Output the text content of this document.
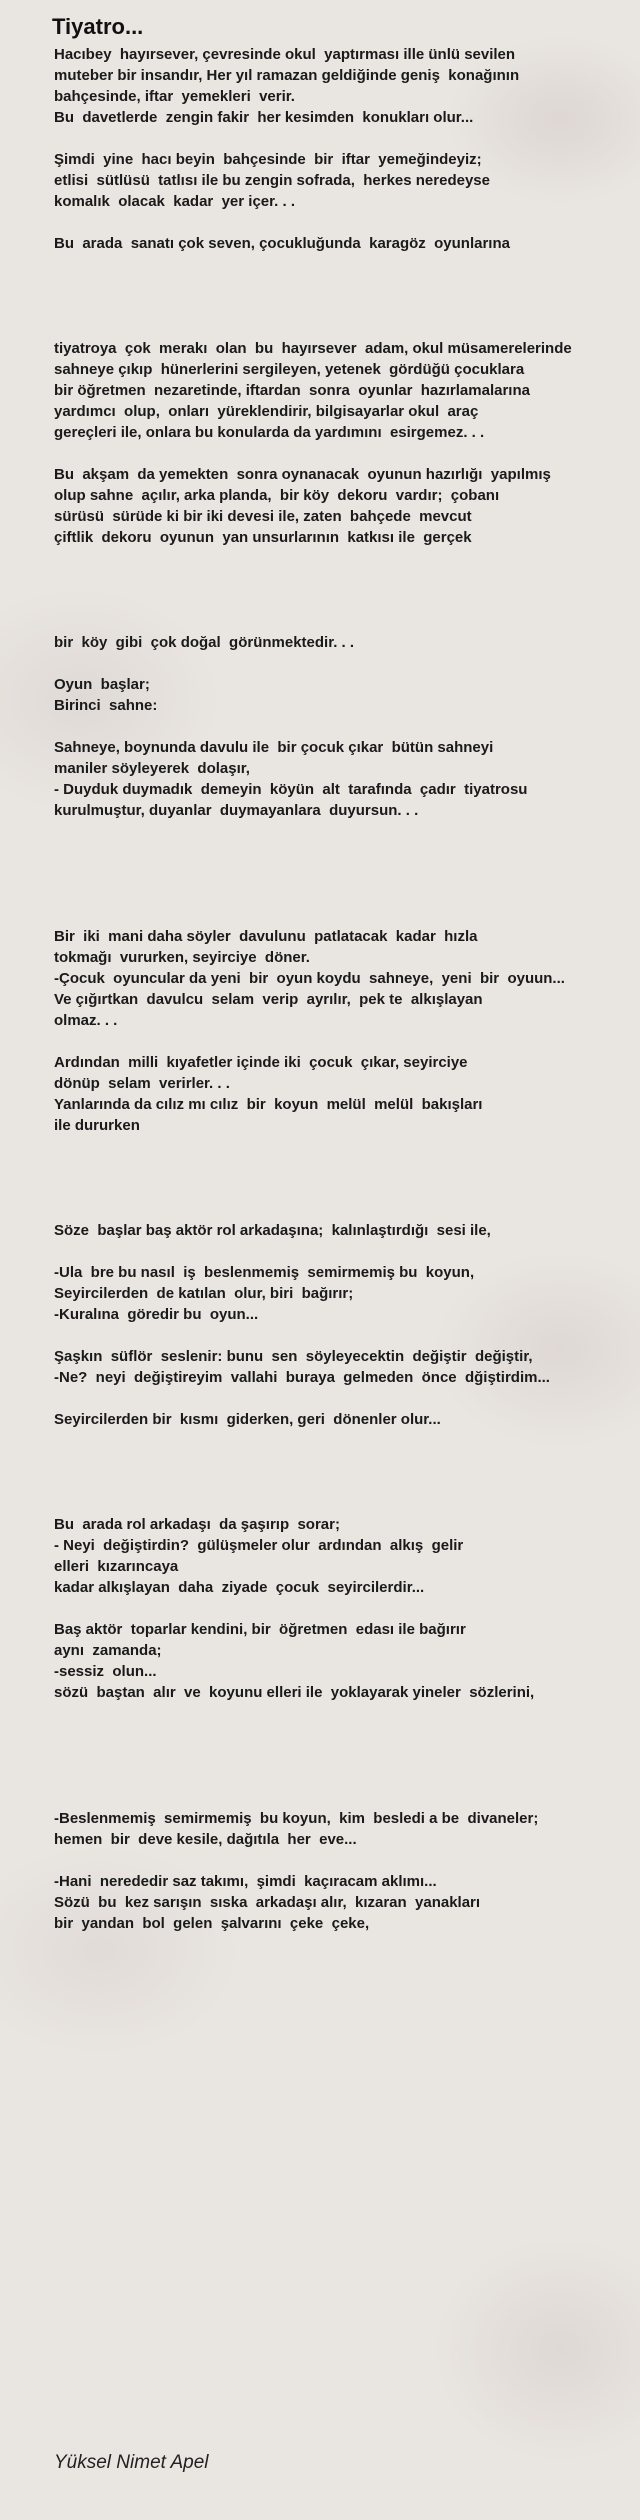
Tiyatro...
Hacıbey  hayırsever, çevresinde okul  yaptırması ille ünlü sevilen
muteber bir insandır, Her yıl ramazan geldiğinde geniş  konağının
bahçesinde, iftar  yemekleri  verir.
Bu  davetlerde  zengin fakir  her kesimden  konukları olur...
Şimdi  yine  hacı beyin  bahçesinde  bir  iftar  yemeğindeyiz;
etlisi  sütlüsü  tatlısı ile bu zengin sofrada,  herkes neredeyse
komalık  olacak  kadar  yer içer. . .
Bu  arada  sanatı çok seven, çocukluğunda  karagöz  oyunlarına
tiyatroya  çok  merakı  olan  bu  hayırsever  adam, okul müsamerelerinde
sahneye çıkıp  hünerlerini sergileyen, yetenek  gördüğü çocuklara
bir öğretmen  nezaretinde, iftardan  sonra  oyunlar  hazırlamalarına
yardımcı  olup,  onları  yüreklendirir, bilgisayarlar okul  araç
gereçleri ile, onlara bu konularda da yardımını  esirgemez. . .
Bu  akşam  da yemekten  sonra oynanacak  oyunun hazırlığı  yapılmış
olup sahne  açılır, arka planda,  bir köy  dekoru  vardır;  çobanı
sürüsü  sürüde ki bir iki devesi ile, zaten  bahçede  mevcut
çiftlik  dekoru  oyunun  yan unsurlarının  katkısı ile  gerçek
bir  köy  gibi  çok doğal  görünmektedir. . .
Oyun  başlar;
Birinci  sahne:
Sahneye, boynunda davulu ile  bir çocuk çıkar  bütün sahneyi
maniler söyleyerek  dolaşır,
- Duyduk duymadık  demeyin  köyün  alt  tarafında  çadır  tiyatrosu
kurulmuştur, duyanlar  duymayanlara  duyursun. . .
Bir  iki  mani daha söyler  davulunu  patlatacak  kadar  hızla
tokmağı  vururken, seyirciye  döner.
-Çocuk  oyuncular da yeni  bir  oyun koydu  sahneye,  yeni  bir  oyuun...
Ve çığırtkan  davulcu  selam  verip  ayrılır,  pek te  alkışlayan
olmaz. . .
Ardından  milli  kıyafetler içinde iki  çocuk  çıkar, seyirciye
dönüp  selam  verirler. . .
Yanlarında da cılız mı cılız  bir  koyun  melül  melül  bakışları
ile dururken
Söze  başlar baş aktör rol arkadaşına;  kalınlaştırdığı  sesi ile,
-Ula  bre bu nasıl  iş  beslenmemiş  semirmemiş bu  koyun,
Seyircilerden  de katılan  olur, biri  bağırır;
-Kuralına  göredir bu  oyun...
Şaşkın  süflör  seslenir: bunu  sen  söyleyecektin  değiştir  değiştir,
-Ne?  neyi  değiştireyim  vallahi  buraya  gelmeden  önce  dğiştirdim...
Seyircilerden bir  kısmı  giderken, geri  dönenler olur...
Bu  arada rol arkadaşı  da şaşırıp  sorar;
- Neyi  değiştirdin?  gülüşmeler olur  ardından  alkış  gelir
elleri  kızarıncaya
kadar alkışlayan  daha  ziyade  çocuk  seyircilerdir...
Baş aktör  toparlar kendini, bir  öğretmen  edası ile bağırır
aynı  zamanda;
-sessiz  olun...
sözü  baştan  alır  ve  koyunu elleri ile  yoklayarak yineler  sözlerini,
-Beslenmemiş  semirmemiş  bu koyun,  kim  besledi a be  divaneler;
hemen  bir  deve kesile, dağıtıla  her  eve...
-Hani  nerededir saz takımı,  şimdi  kaçıracam aklımı...
Sözü  bu  kez sarışın  sıska  arkadaşı alır,  kızaran  yanakları
bir  yandan  bol  gelen  şalvarını  çeke  çeke,
Yüksel Nimet Apel
